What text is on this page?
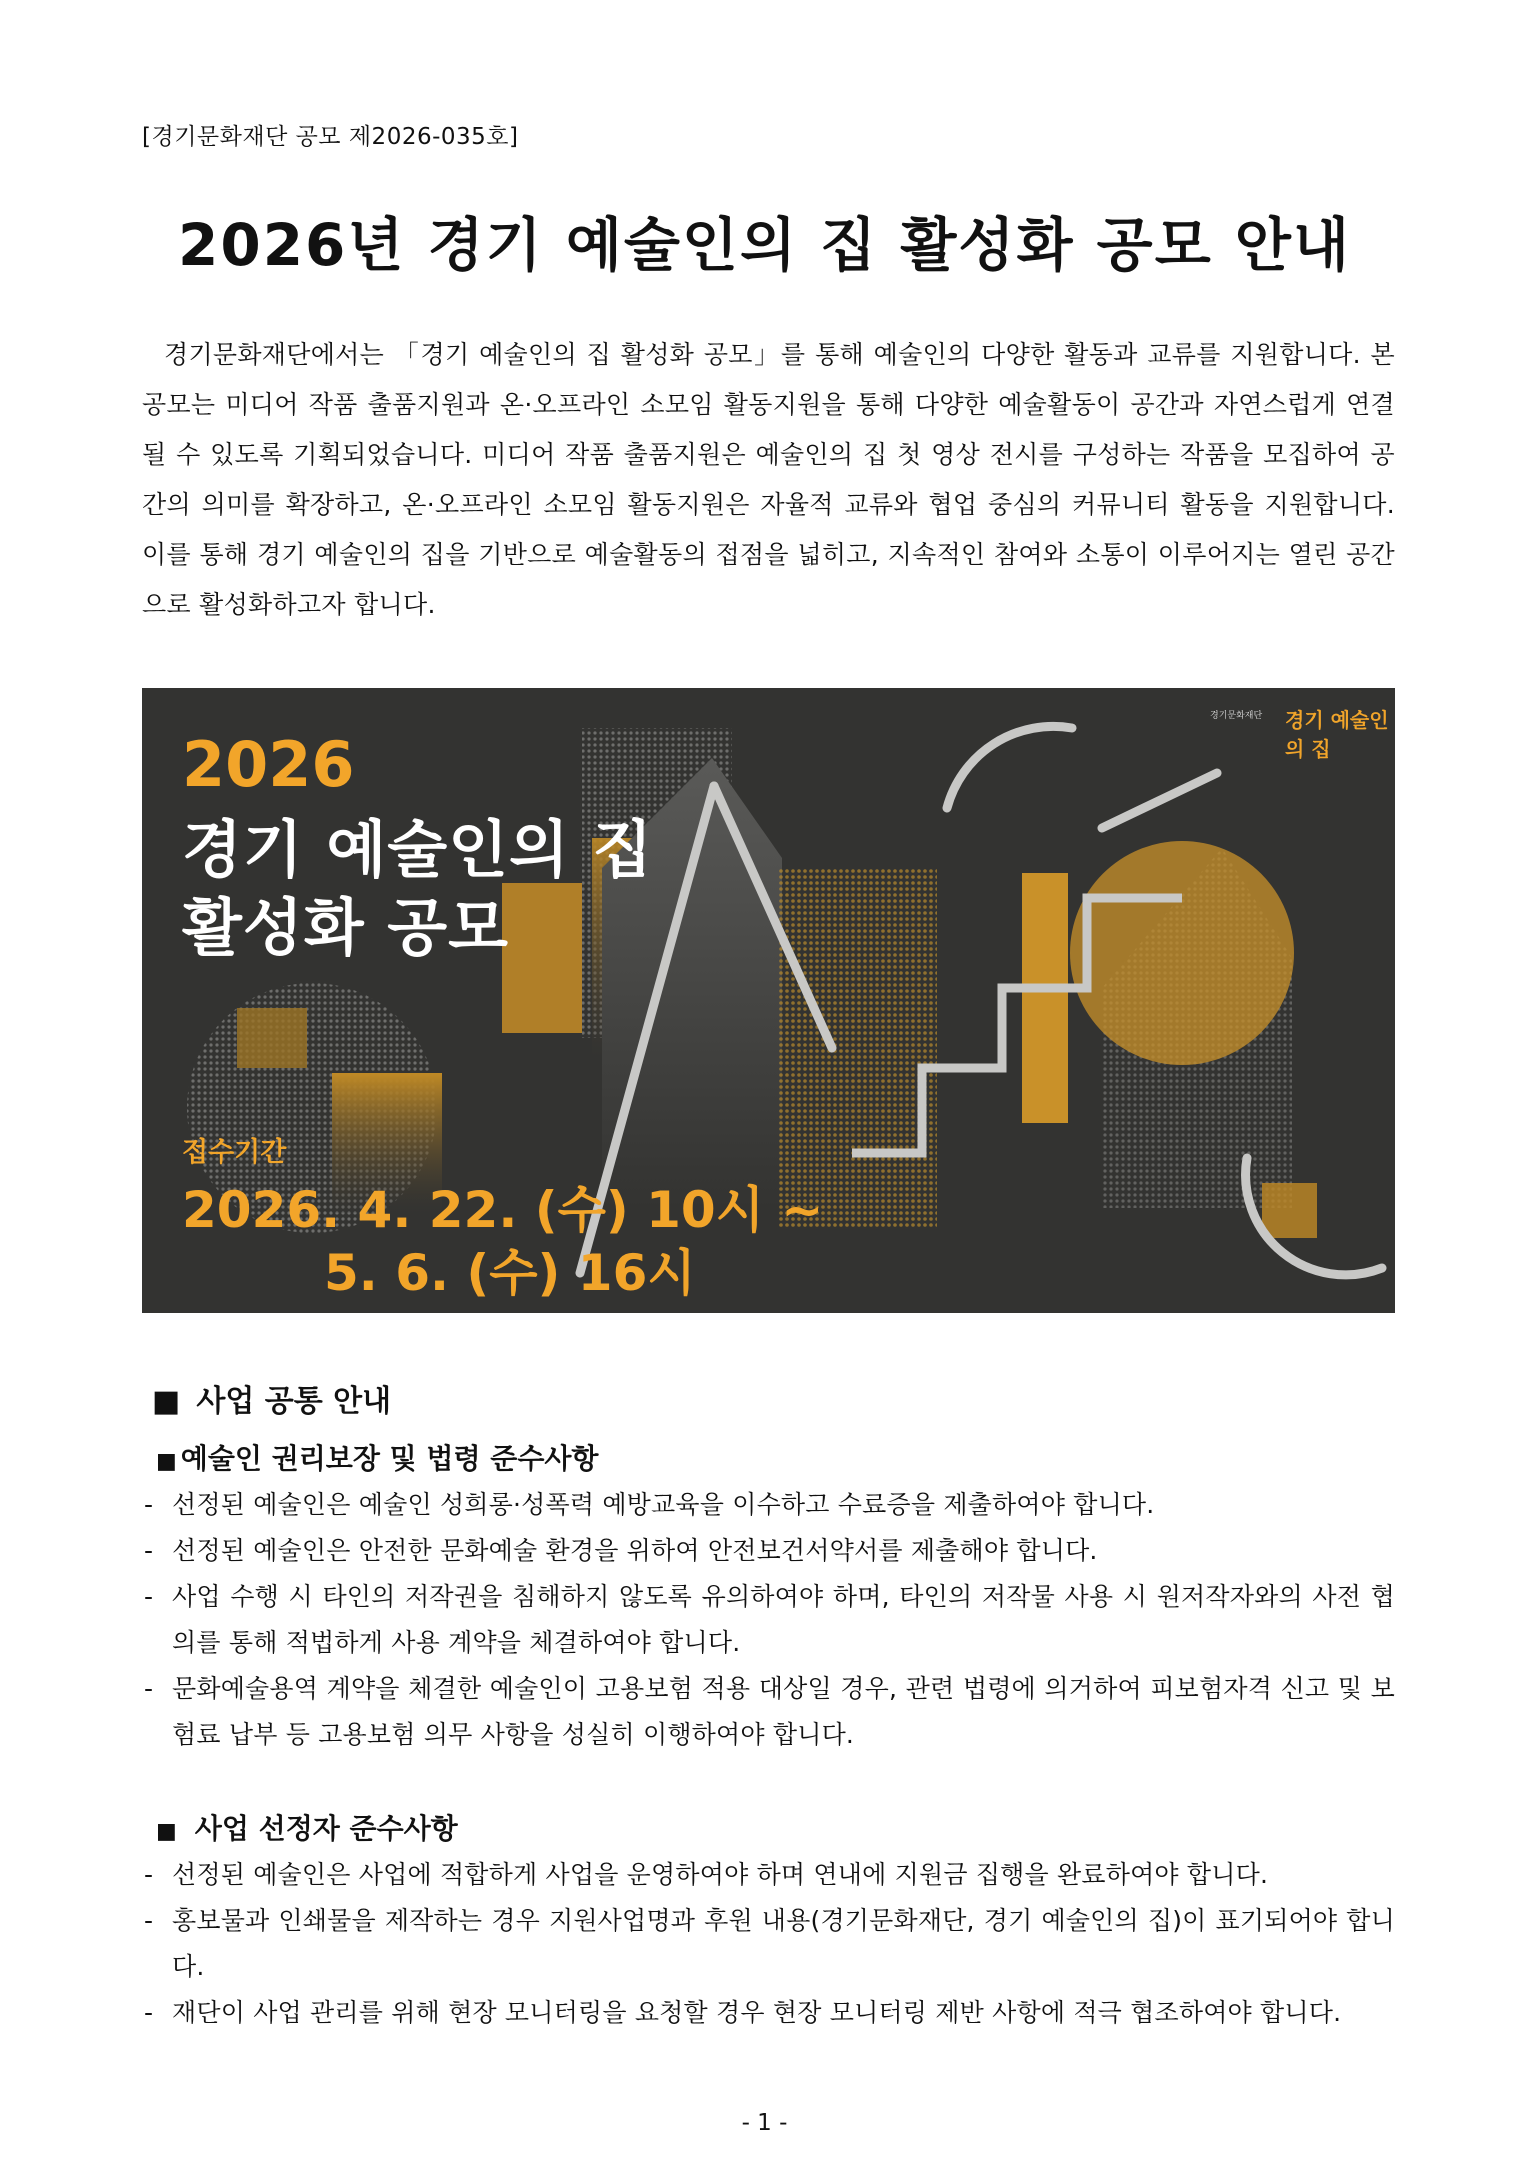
[경기문화재단 공모 제2026-035호]
2026년 경기 예술인의 집 활성화 공모 안내

경기문화재단에서는 「경기 예술인의 집 활성화 공모」를 통해 예술인의 다양한 활동과 교류를 지원합니다. 본 공모는 미디어 작품 출품지원과 온·오프라인 소모임 활동지원을 통해 다양한 예술활동이 공간과 자연스럽게 연결될 수 있도록 기획되었습니다. 미디어 작품 출품지원은 예술인의 집 첫 영상 전시를 구성하는 작품을 모집하여 공간의 의미를 확장하고, 온·오프라인 소모임 활동지원은 자율적 교류와 협업 중심의 커뮤니티 활동을 지원합니다. 이를 통해 경기 예술인의 집을 기반으로 예술활동의 접점을 넓히고, 지속적인 참여와 소통이 이루어지는 열린 공간으로 활성화하고자 합니다.

2026
경기 예술인의 집
활성화 공모
접수기간
2026. 4. 22. (수) 10시 ~
5. 6. (수) 16시
경기문화재단 경기 예술인의 집
■ 사업 공통 안내
■ 예술인 권리보장 및 법령 준수사항
- 선정된 예술인은 예술인 성희롱·성폭력 예방교육을 이수하고 수료증을 제출하여야 합니다.
- 선정된 예술인은 안전한 문화예술 환경을 위하여 안전보건서약서를 제출해야 합니다.
- 사업 수행 시 타인의 저작권을 침해하지 않도록 유의하여야 하며, 타인의 저작물 사용 시 원저작자와의 사전 협의를 통해 적법하게 사용 계약을 체결하여야 합니다.
- 문화예술용역 계약을 체결한 예술인이 고용보험 적용 대상일 경우, 관련 법령에 의거하여 피보험자격 신고 및 보험료 납부 등 고용보험 의무 사항을 성실히 이행하여야 합니다.
■ 사업 선정자 준수사항
- 선정된 예술인은 사업에 적합하게 사업을 운영하여야 하며 연내에 지원금 집행을 완료하여야 합니다.
- 홍보물과 인쇄물을 제작하는 경우 지원사업명과 후원 내용(경기문화재단, 경기 예술인의 집)이 표기되어야 합니다.
- 재단이 사업 관리를 위해 현장 모니터링을 요청할 경우 현장 모니터링 제반 사항에 적극 협조하여야 합니다.
- 1 -
